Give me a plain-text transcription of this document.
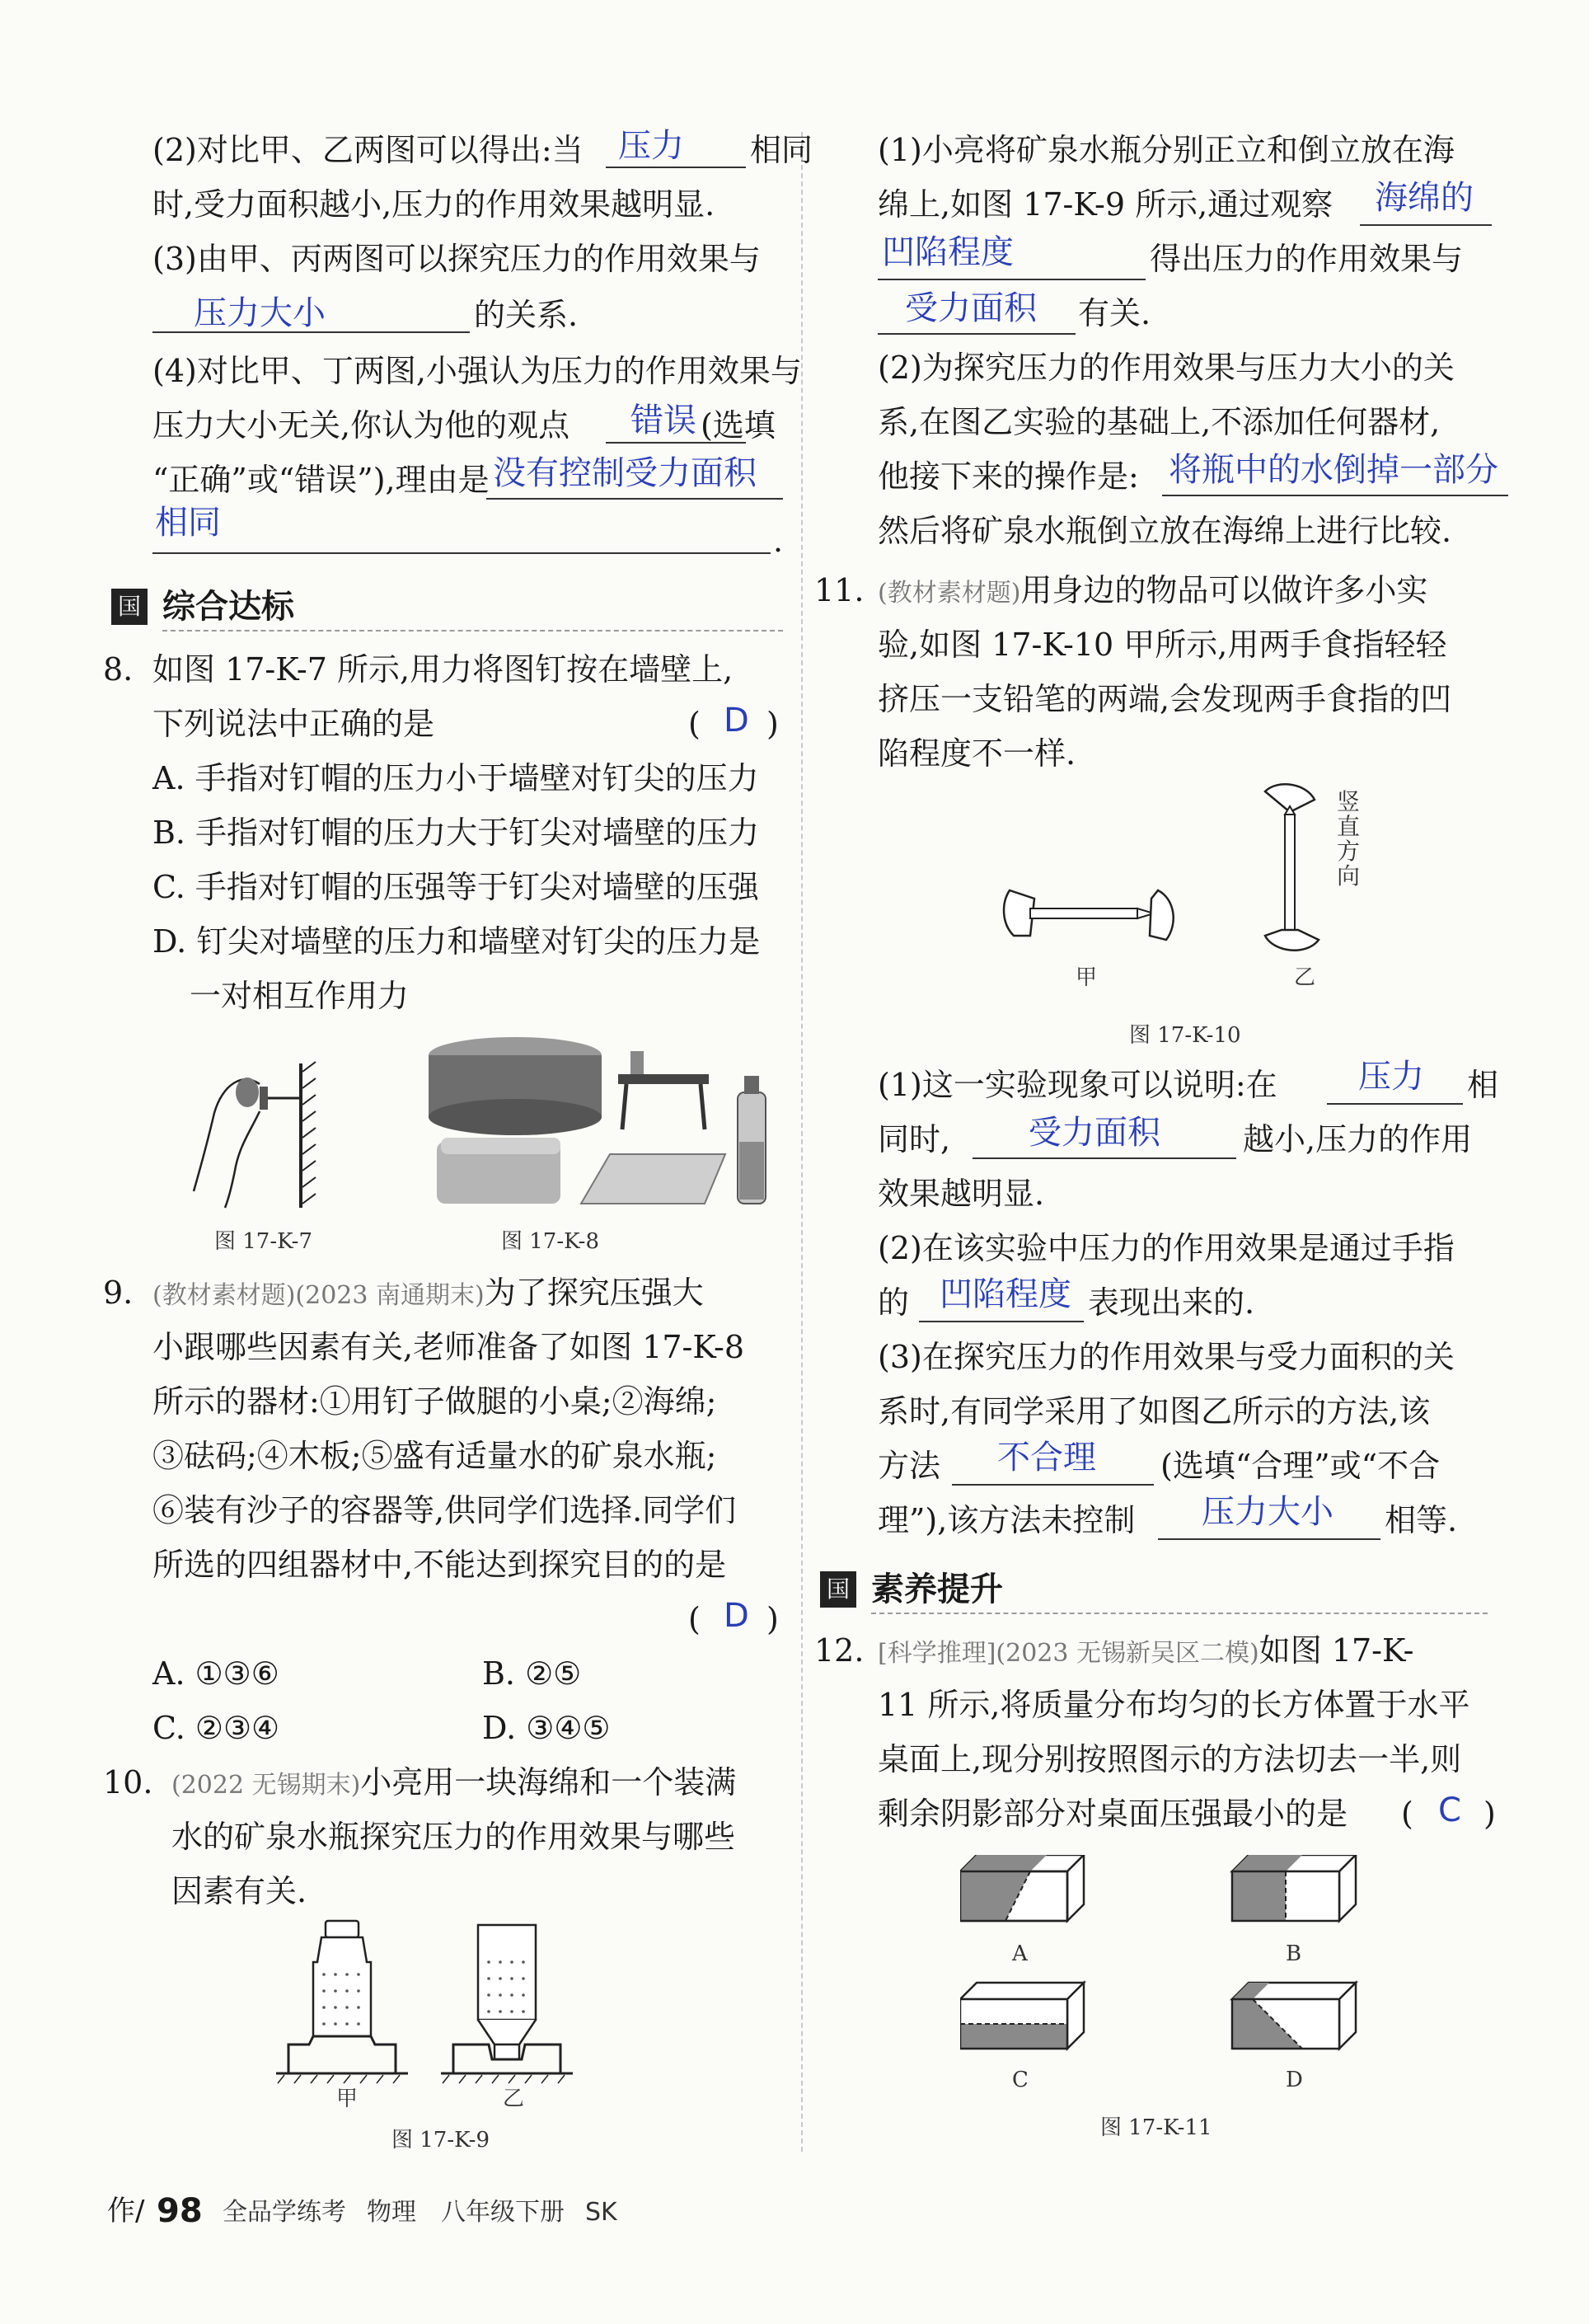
(2)对比甲、乙两图可以得出:当 压力 相同
时,受力面积越小,压力的作用效果越明显.
(3)由甲、丙两图可以探究压力的作用效果与
压力大小	的关系.
(4)对比甲、丁两图,小强认为压力的作用效果与
压力大小无关,你认为他的观点 错误 (选填
“正确”或“错误”),理由是 没有控制受力面积
相同	.
国 综合达标
8. 如图 17-K-7 所示,用力将图钉按在墙壁上,
下列说法中正确的是	( D )
A. 手指对钉帽的压力小于墙壁对钉尖的压力
B. 手指对钉帽的压力大于钉尖对墙壁的压力
C. 手指对钉帽的压强等于钉尖对墙壁的压强
D. 钉尖对墙壁的压力和墙壁对钉尖的压力是
一对相互作用力
图 17-K-7	图 17-K-8
9. (教材素材题)(2023 南通期末)为了探究压强大
小跟哪些因素有关,老师准备了如图 17-K-8
所示的器材:①用钉子做腿的小桌;②海绵;
③砝码;④木板;⑤盛有适量水的矿泉水瓶;
⑥装有沙子的容器等,供同学们选择.同学们
所选的四组器材中,不能达到探究目的的是
( D )
A. ①③⑥	B. ②⑤
C. ②③④	D. ③④⑤
10. (2022 无锡期末)小亮用一块海绵和一个装满
水的矿泉水瓶探究压力的作用效果与哪些
因素有关.
甲	乙
图 17-K-9
(1)小亮将矿泉水瓶分别正立和倒立放在海
绵上,如图 17-K-9 所示,通过观察 海绵的
凹陷程度	得出压力的作用效果与
受力面积 有关.
(2)为探究压力的作用效果与压力大小的关
系,在图乙实验的基础上,不添加任何器材,
他接下来的操作是: 将瓶中的水倒掉一部分
然后将矿泉水瓶倒立放在海绵上进行比较.
11. (教材素材题)用身边的物品可以做许多小实
验,如图 17-K-10 甲所示,用两手食指轻轻
挤压一支铅笔的两端,会发现两手食指的凹
陷程度不一样.
竖直方向
甲	乙
图 17-K-10
(1)这一实验现象可以说明:在 压力 相
同时, 受力面积	越小,压力的作用
效果越明显.
(2)在该实验中压力的作用效果是通过手指
的 凹陷程度 表现出来的.
(3)在探究压力的作用效果与受力面积的关
系时,有同学采用了如图乙所示的方法,该
方法 不合理 (选填“合理”或“不合
理”),该方法未控制 压力大小 相等.
国 素养提升
12. [科学推理](2023 无锡新吴区二模)如图 17-K-
11 所示,将质量分布均匀的长方体置于水平
桌面上,现分别按照图示的方法切去一半,则
剩余阴影部分对桌面压强最小的是 ( C )
A	B
C	D
图 17-K-11
作/ 98 全品学练考 物理 八年级下册 SK
